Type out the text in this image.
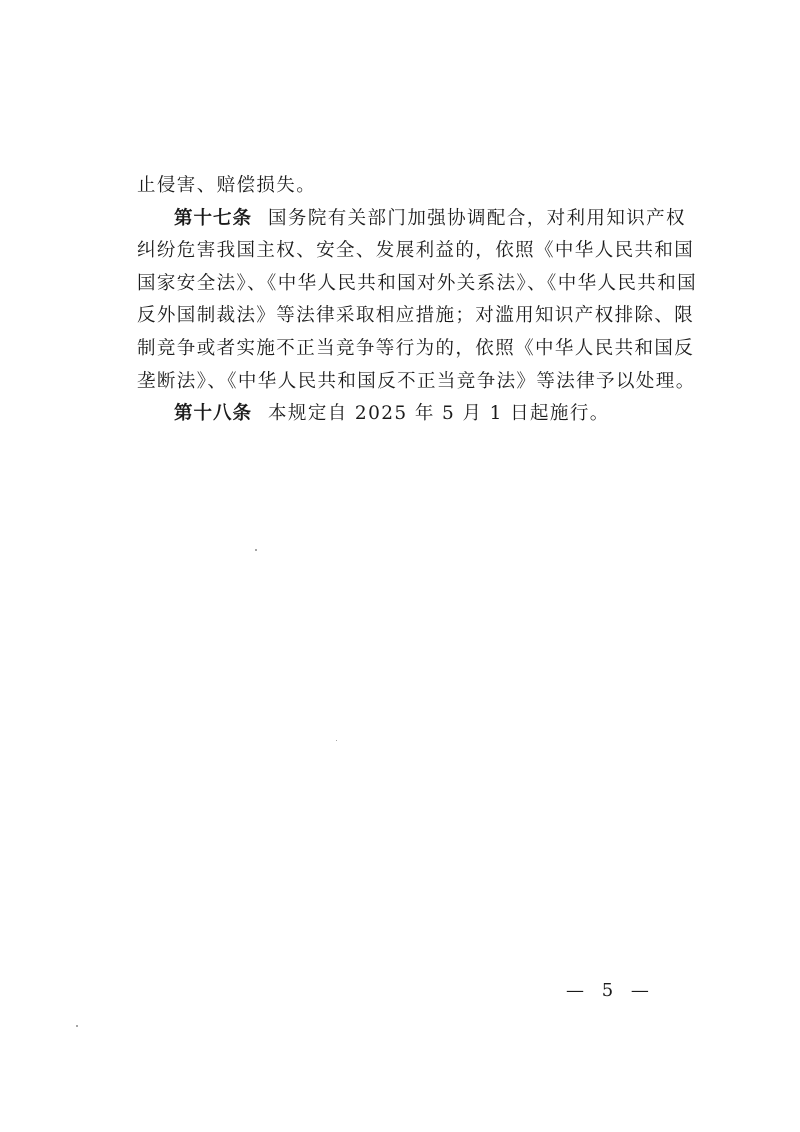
止侵害、赔偿损失。
第十七条 国务院有关部门加强协调配合，对利用知识产权
纠纷危害我国主权、安全、发展利益的，依照《中华人民共和国
国家安全法》、《中华人民共和国对外关系法》、《中华人民共和国
反外国制裁法》等法律采取相应措施；对滥用知识产权排除、限
制竞争或者实施不正当竞争等行为的，依照《中华人民共和国反
垄断法》、《中华人民共和国反不正当竞争法》等法律予以处理。
第十八条 本规定自 2025 年 5 月 1 日起施行。
— 5 —
